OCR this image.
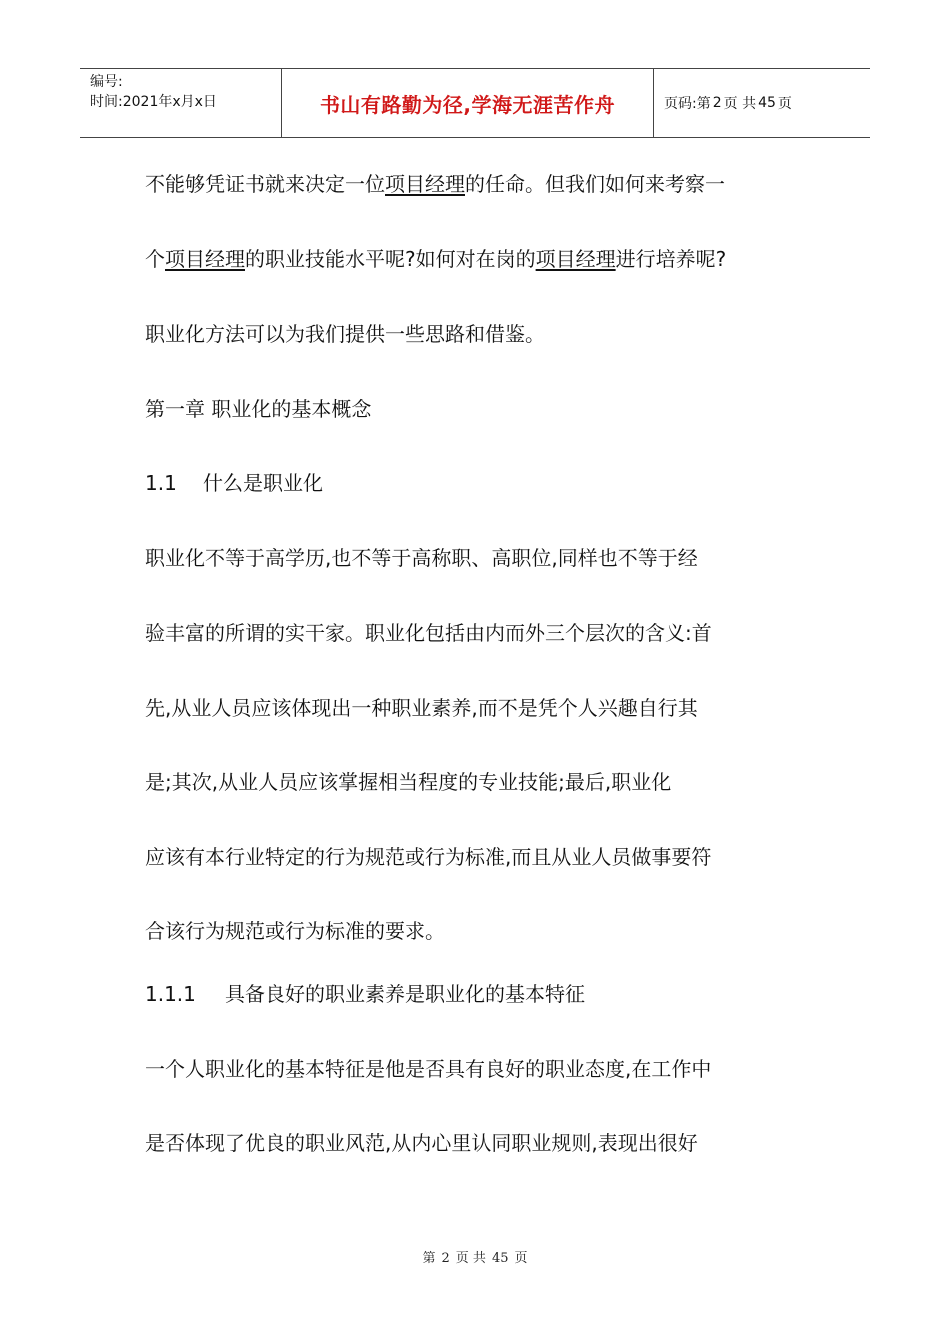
编号:
时间:2021年x月x日	书山有路勤为径,学海无涯苦作舟	页码:第 2 页 共 45 页
不能够凭证书就来决定一位项目经理的任命。但我们如何来考察一
个项目经理的职业技能水平呢?如何对在岗的项目经理进行培养呢?
职业化方法可以为我们提供一些思路和借鉴。
第一章 职业化的基本概念
1.1 什么是职业化
职业化不等于高学历,也不等于高称职、高职位,同样也不等于经
验丰富的所谓的实干家。职业化包括由内而外三个层次的含义:首
先,从业人员应该体现出一种职业素养,而不是凭个人兴趣自行其
是;其次,从业人员应该掌握相当程度的专业技能;最后,职业化
应该有本行业特定的行为规范或行为标准,而且从业人员做事要符
合该行为规范或行为标准的要求。
1.1.1 具备良好的职业素养是职业化的基本特征
一个人职业化的基本特征是他是否具有良好的职业态度,在工作中
是否体现了优良的职业风范,从内心里认同职业规则,表现出很好
第 2 页 共 45 页
